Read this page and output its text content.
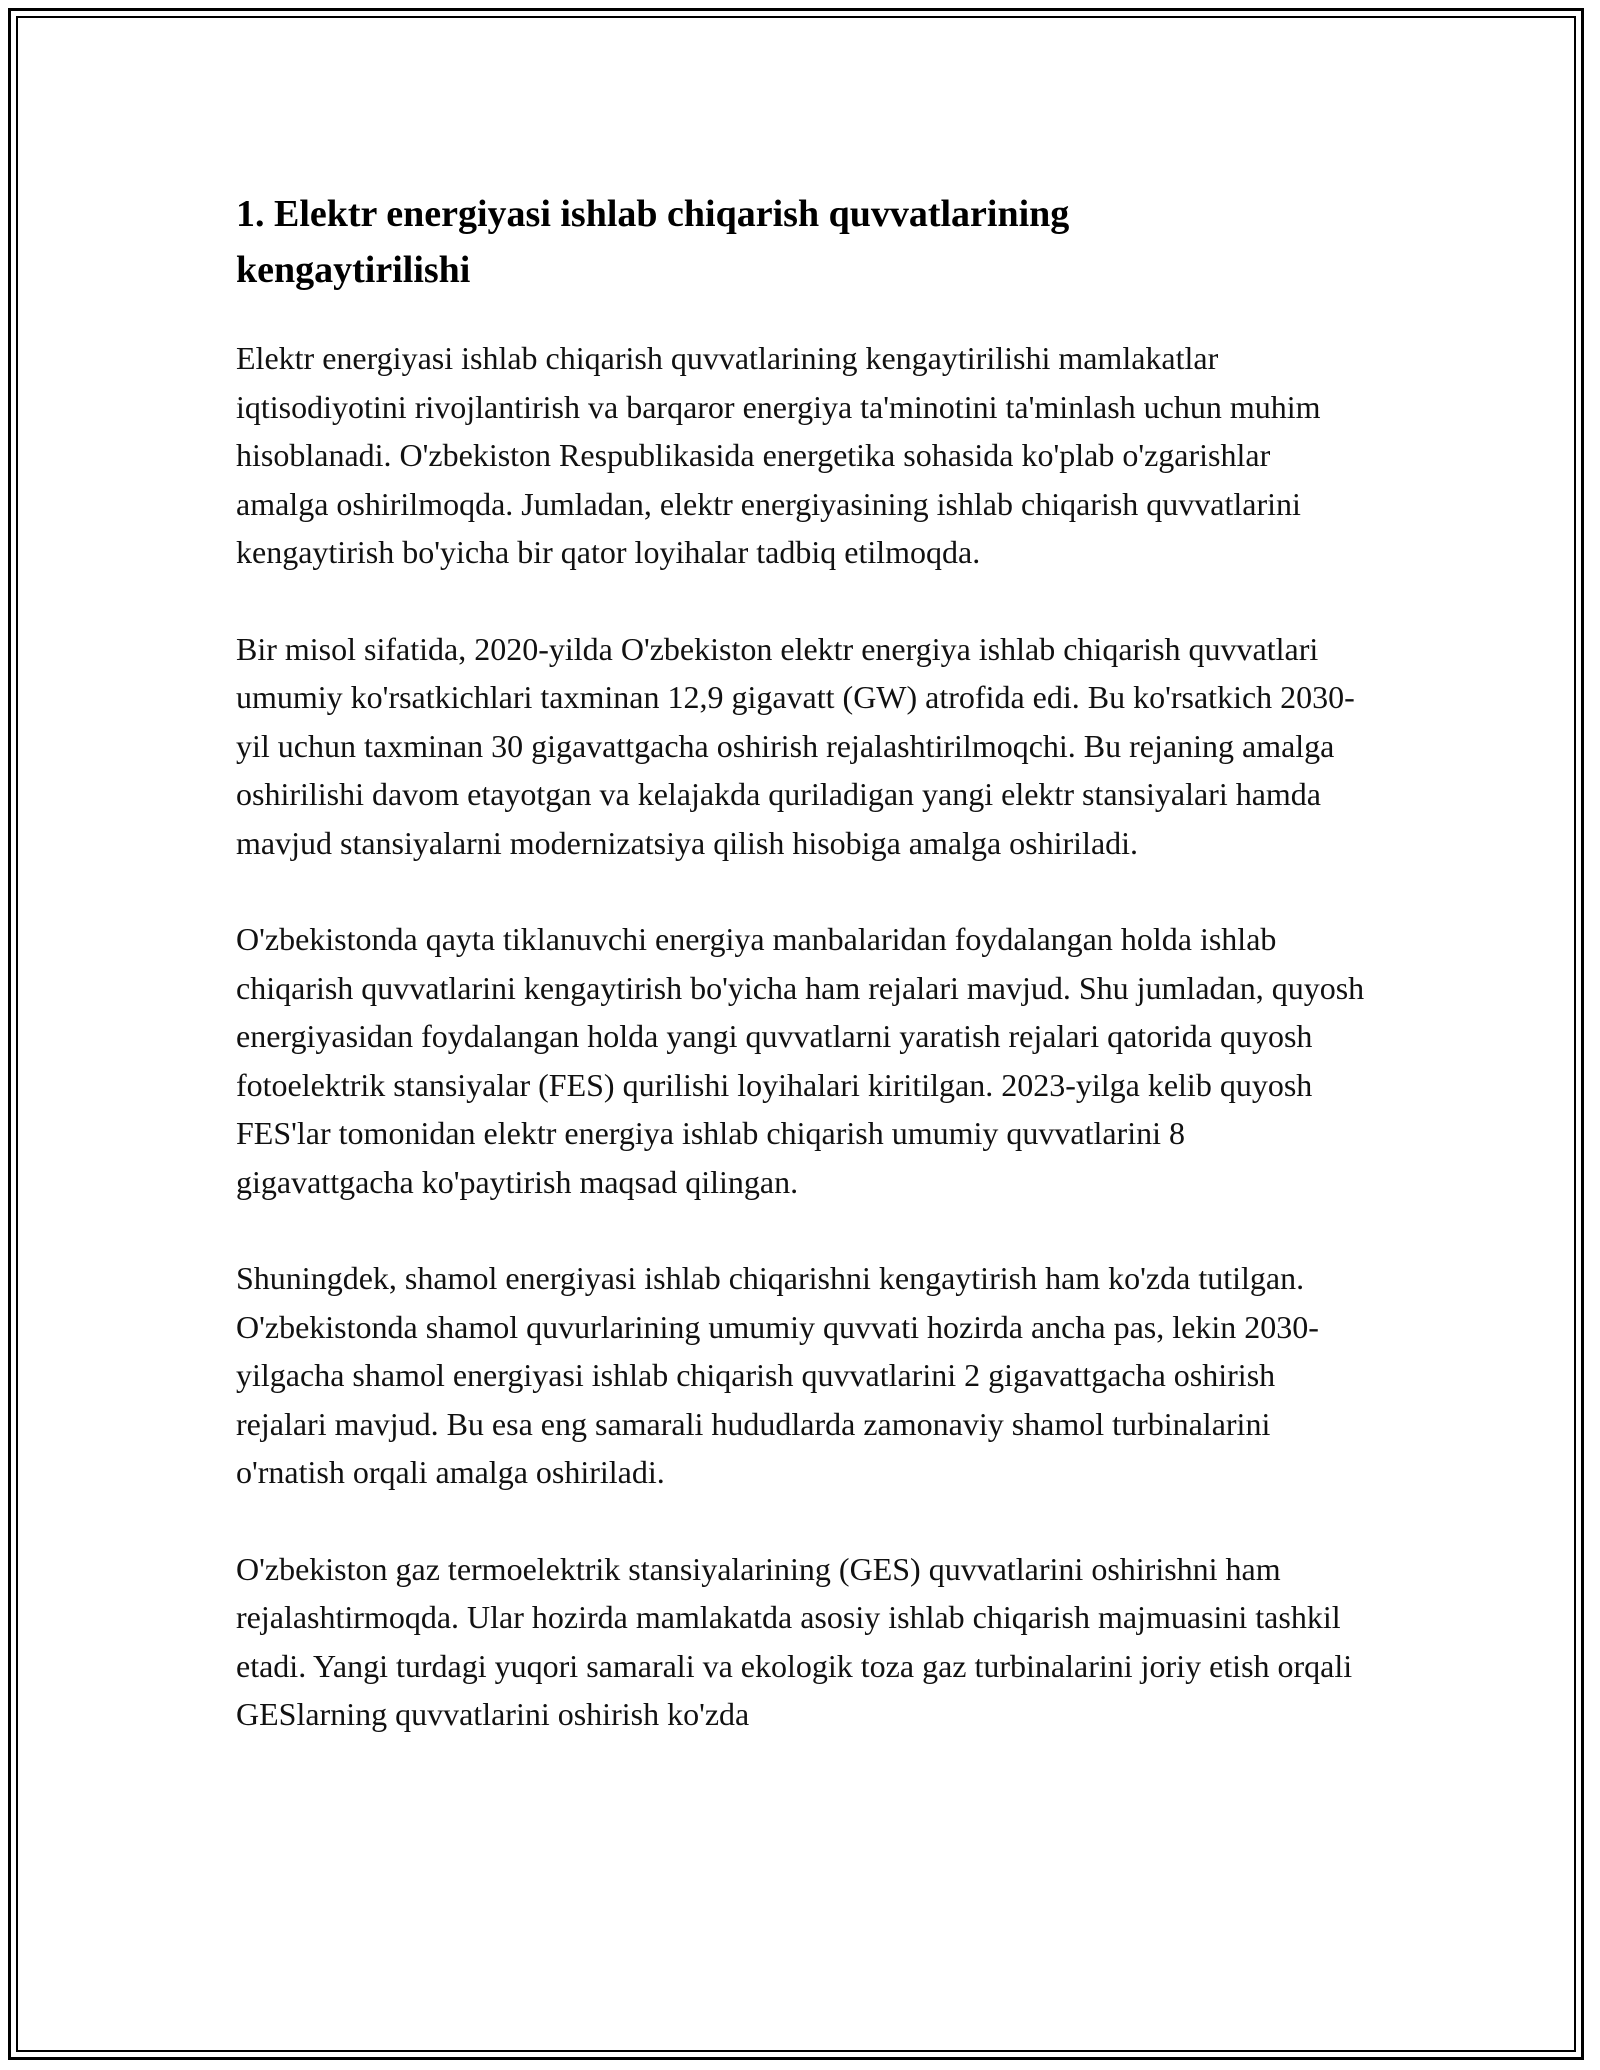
1. Elektr energiyasi ishlab chiqarish quvvatlarining kengaytirilishi

Elektr energiyasi ishlab chiqarish quvvatlarining kengaytirilishi mamlakatlar iqtisodiyotini rivojlantirish va barqaror energiya ta'minotini ta'minlash uchun muhim hisoblanadi. O'zbekiston Respublikasida energetika sohasida ko'plab o'zgarishlar amalga oshirilmoqda. Jumladan, elektr energiyasining ishlab chiqarish quvvatlarini kengaytirish bo'yicha bir qator loyihalar tadbiq etilmoqda.

Bir misol sifatida, 2020-yilda O'zbekiston elektr energiya ishlab chiqarish quvvatlari umumiy ko'rsatkichlari taxminan 12,9 gigavatt (GW) atrofida edi. Bu ko'rsatkich 2030-yil uchun taxminan 30 gigavattgacha oshirish rejalashtirilmoqchi. Bu rejaning amalga oshirilishi davom etayotgan va kelajakda quriladigan yangi elektr stansiyalari hamda mavjud stansiyalarni modernizatsiya qilish hisobiga amalga oshiriladi.

O'zbekistonda qayta tiklanuvchi energiya manbalaridan foydalangan holda ishlab chiqarish quvvatlarini kengaytirish bo'yicha ham rejalari mavjud. Shu jumladan, quyosh energiyasidan foydalangan holda yangi quvvatlarni yaratish rejalari qatorida quyosh fotoelektrik stansiyalar (FES) qurilishi loyihalari kiritilgan. 2023-yilga kelib quyosh FES'lar tomonidan elektr energiya ishlab chiqarish umumiy quvvatlarini 8 gigavattgacha ko'paytirish maqsad qilingan.

Shuningdek, shamol energiyasi ishlab chiqarishni kengaytirish ham ko'zda tutilgan. O'zbekistonda shamol quvurlarining umumiy quvvati hozirda ancha pas, lekin 2030-yilgacha shamol energiyasi ishlab chiqarish quvvatlarini 2 gigavattgacha oshirish rejalari mavjud. Bu esa eng samarali hududlarda zamonaviy shamol turbinalarini o'rnatish orqali amalga oshiriladi.

O'zbekiston gaz termoelektrik stansiyalarining (GES) quvvatlarini oshirishni ham rejalashtirmoqda. Ular hozirda mamlakatda asosiy ishlab chiqarish majmuasini tashkil etadi. Yangi turdagi yuqori samarali va ekologik toza gaz turbinalarini joriy etish orqali GESlarning quvvatlarini oshirish ko'zda
